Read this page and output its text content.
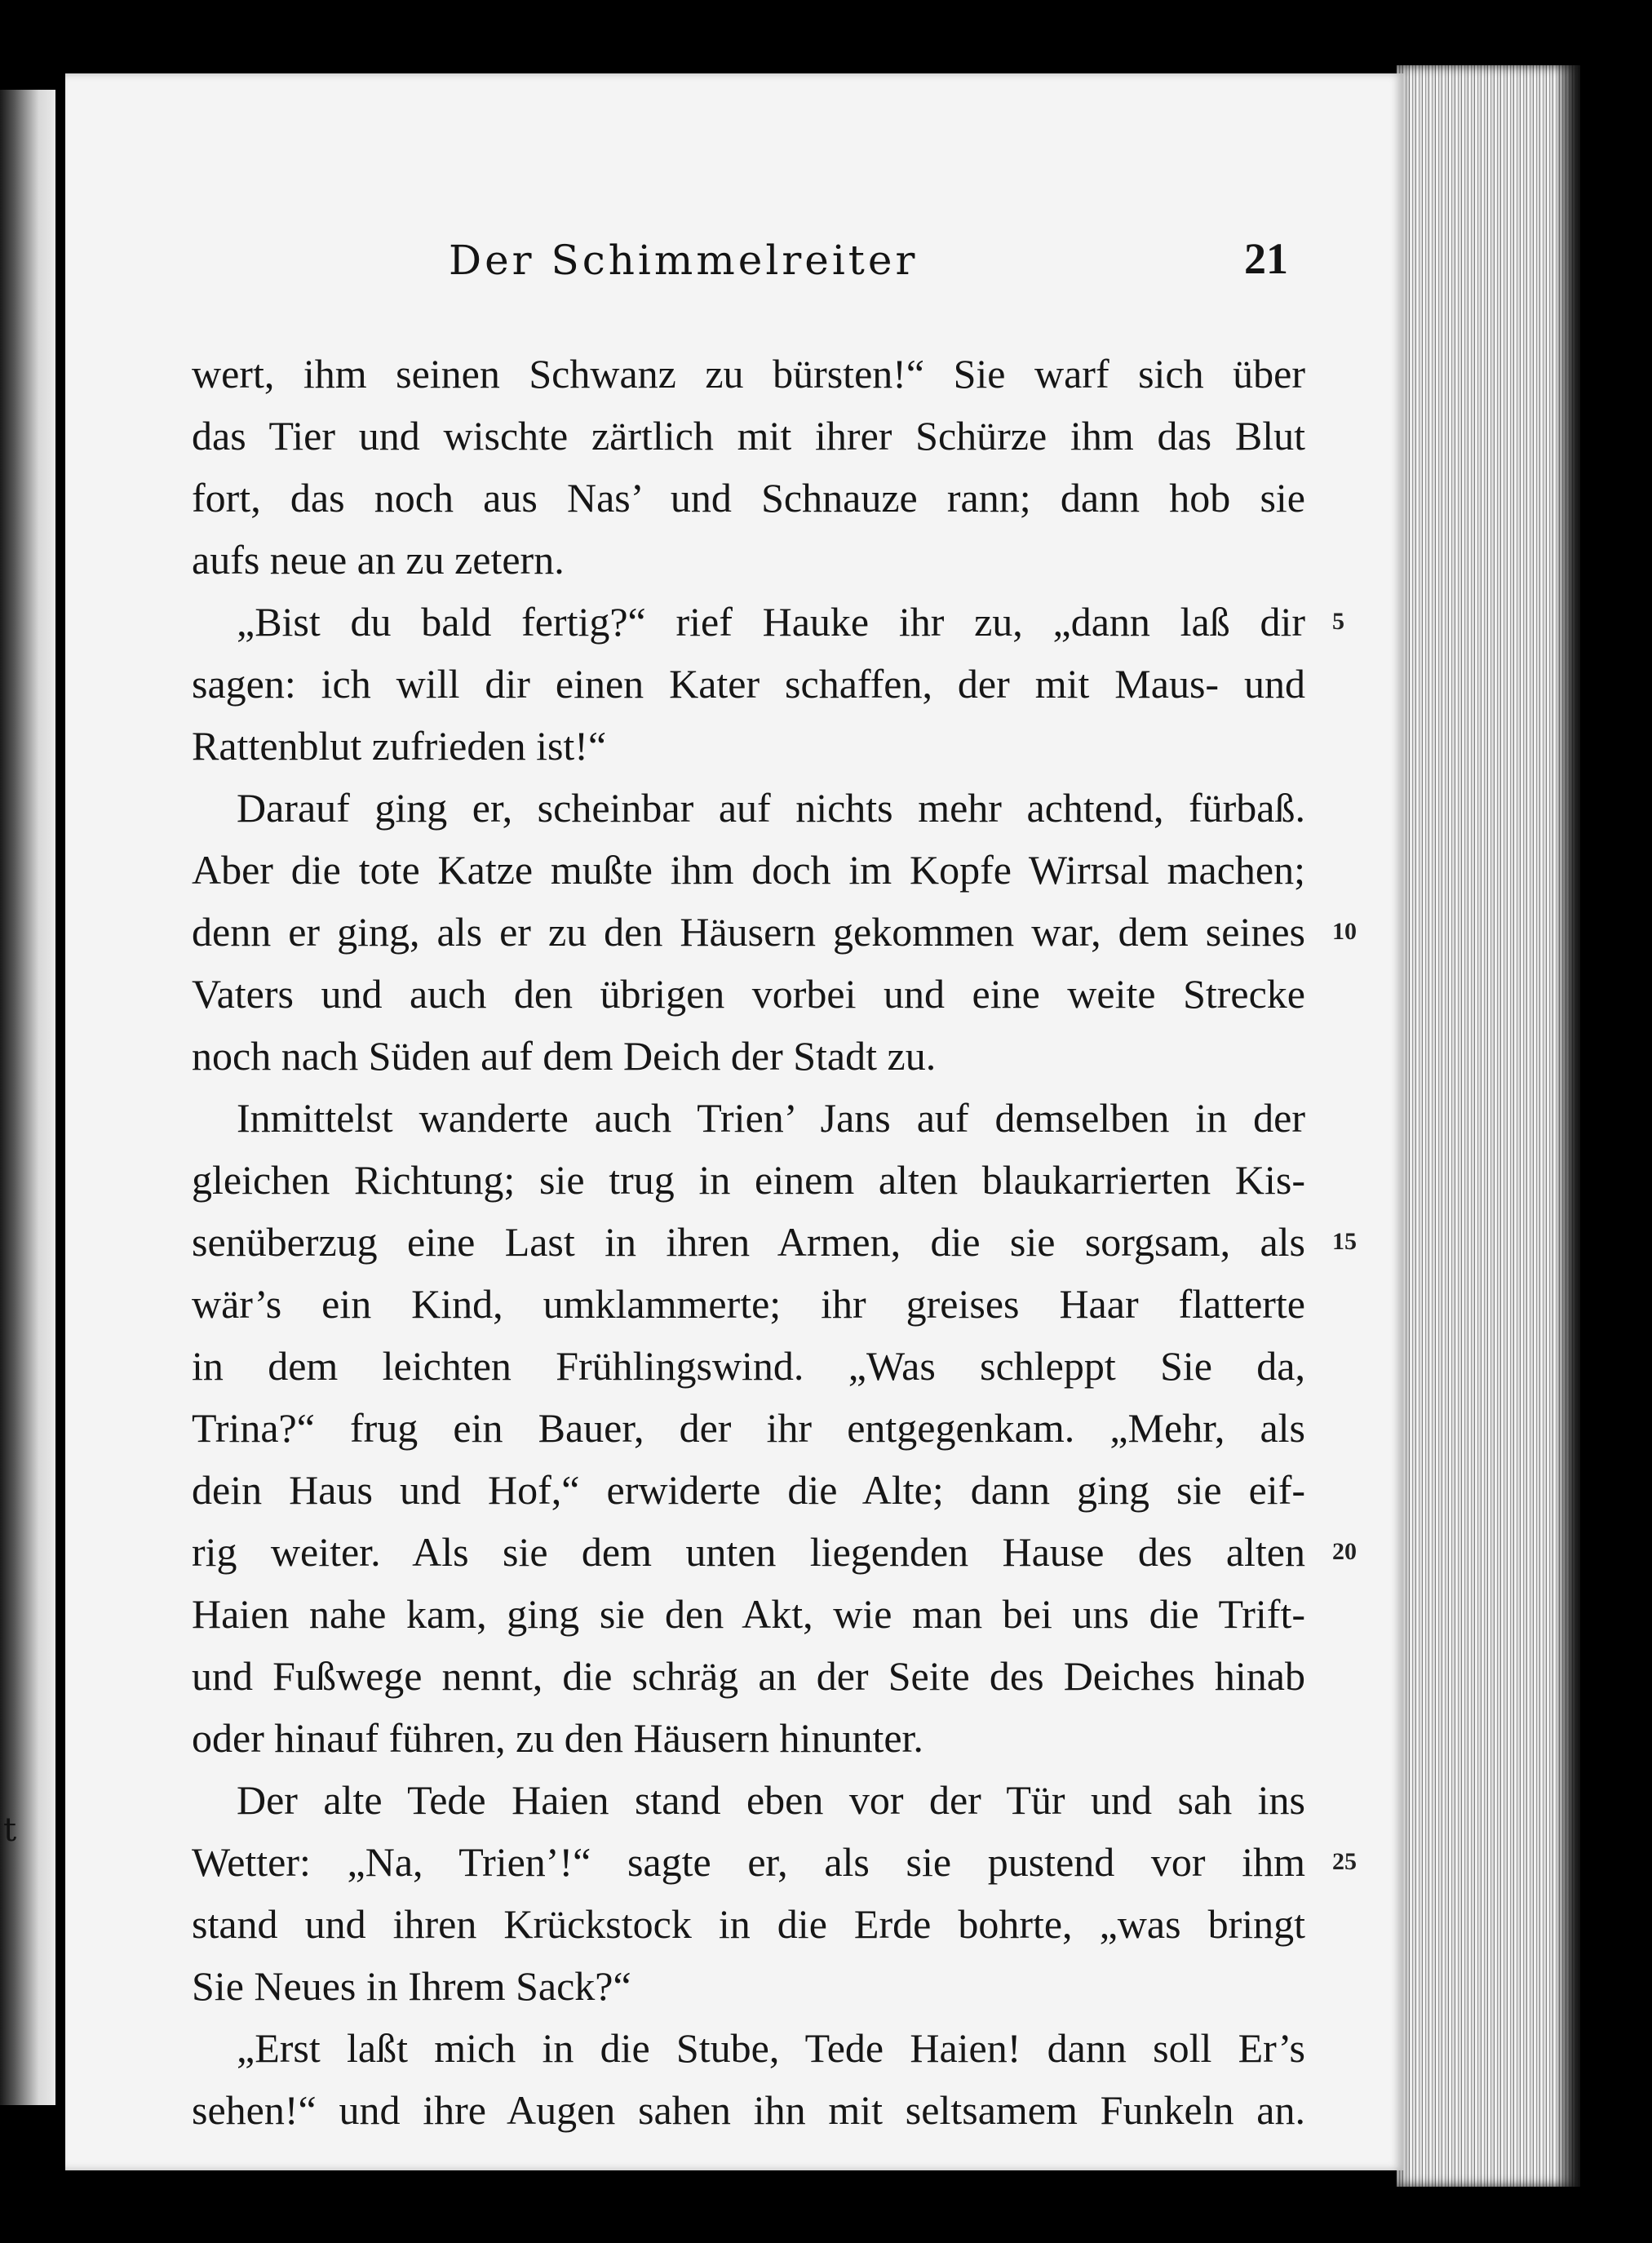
t
Der Schimmelreiter	21
wert, ihm seinen Schwanz zu bürsten!“ Sie warf sich über
das Tier und wischte zärtlich mit ihrer Schürze ihm das Blut
fort, das noch aus Nas’ und Schnauze rann; dann hob sie
aufs neue an zu zetern.
„Bist du bald fertig?“ rief Hauke ihr zu, „dann laß dir
sagen: ich will dir einen Kater schaffen, der mit Maus- und
Rattenblut zufrieden ist!“
Darauf ging er, scheinbar auf nichts mehr achtend, fürbaß.
Aber die tote Katze mußte ihm doch im Kopfe Wirrsal machen;
denn er ging, als er zu den Häusern gekommen war, dem seines
Vaters und auch den übrigen vorbei und eine weite Strecke
noch nach Süden auf dem Deich der Stadt zu.
Inmittelst wanderte auch Trien’ Jans auf demselben in der
gleichen Richtung; sie trug in einem alten blaukarrierten Kis-
senüberzug eine Last in ihren Armen, die sie sorgsam, als
wär’s ein Kind, umklammerte; ihr greises Haar flatterte
in dem leichten Frühlingswind. „Was schleppt Sie da,
Trina?“ frug ein Bauer, der ihr entgegenkam. „Mehr, als
dein Haus und Hof,“ erwiderte die Alte; dann ging sie eif-
rig weiter. Als sie dem unten liegenden Hause des alten
Haien nahe kam, ging sie den Akt, wie man bei uns die Trift-
und Fußwege nennt, die schräg an der Seite des Deiches hinab
oder hinauf führen, zu den Häusern hinunter.
Der alte Tede Haien stand eben vor der Tür und sah ins
Wetter: „Na, Trien’!“ sagte er, als sie pustend vor ihm
stand und ihren Krückstock in die Erde bohrte, „was bringt
Sie Neues in Ihrem Sack?“
„Erst laßt mich in die Stube, Tede Haien! dann soll Er’s
sehen!“ und ihre Augen sahen ihn mit seltsamem Funkeln an.
5
10
15
20
25
